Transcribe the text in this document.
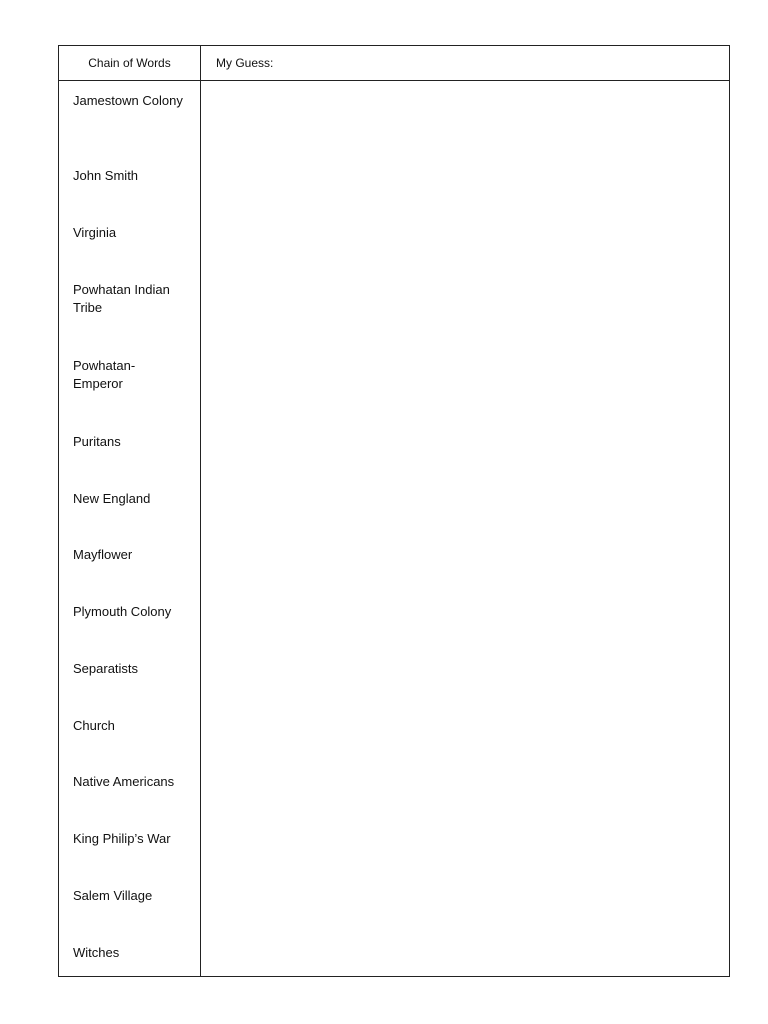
Chain of Words	My Guess:
Jamestown Colony
John Smith
Virginia
Powhatan Indian Tribe
Powhatan-
Emperor
Puritans
New England
Mayflower
Plymouth Colony
Separatists
Church
Native Americans
King Philip’s War
Salem Village
Witches
